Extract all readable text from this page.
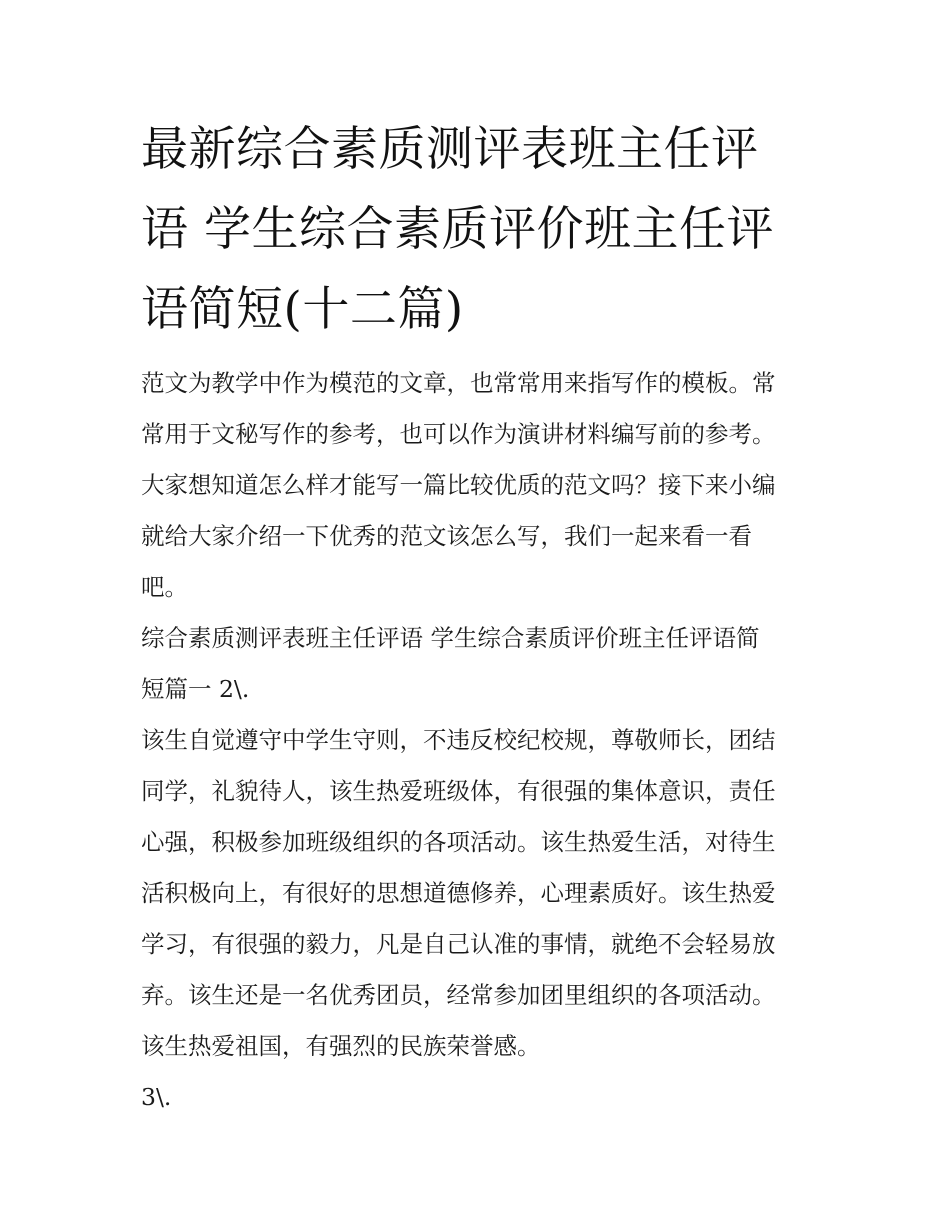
最新综合素质测评表班主任评
语 学生综合素质评价班主任评
语简短(十二篇)

范文为教学中作为模范的文章，也常常用来指写作的模板。常

常用于文秘写作的参考，也可以作为演讲材料编写前的参考。

大家想知道怎么样才能写一篇比较优质的范文吗？接下来小编

就给大家介绍一下优秀的范文该怎么写，我们一起来看一看

吧。

综合素质测评表班主任评语 学生综合素质评价班主任评语简

短篇一 2\.

该生自觉遵守中学生守则，不违反校纪校规，尊敬师长，团结

同学，礼貌待人，该生热爱班级体，有很强的集体意识，责任

心强，积极参加班级组织的各项活动。该生热爱生活，对待生

活积极向上，有很好的思想道德修养，心理素质好。该生热爱

学习，有很强的毅力，凡是自己认准的事情，就绝不会轻易放

弃。该生还是一名优秀团员，经常参加团里组织的各项活动。

该生热爱祖国，有强烈的民族荣誉感。

3\.
